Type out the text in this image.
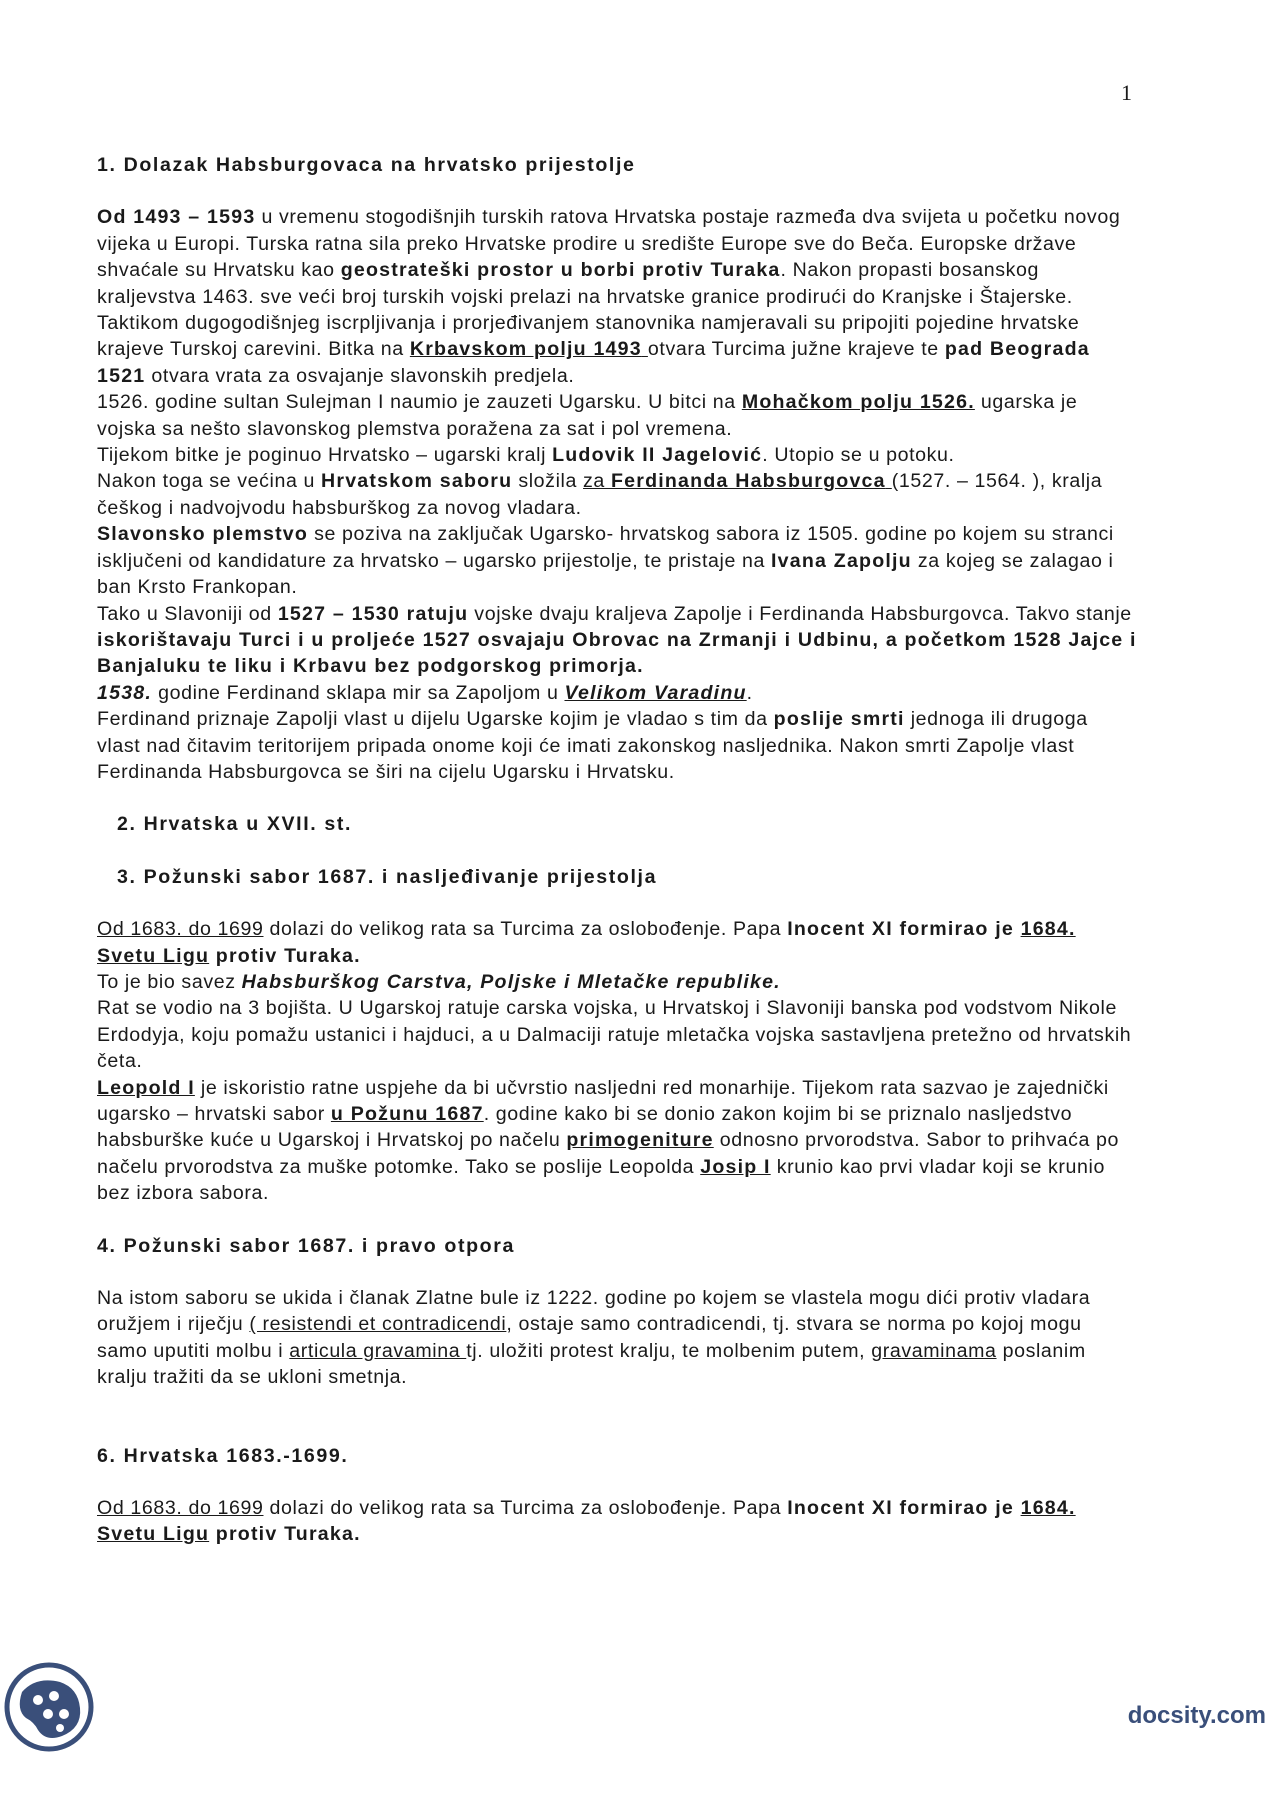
1

1. Dolazak Habsburgovaca na hrvatsko prijestolje

Od 1493 – 1593 u vremenu stogodišnjih turskih ratova Hrvatska postaje razmeđa dva svijeta u početku novog vijeka u Europi. Turska ratna sila preko Hrvatske prodire u središte Europe sve do Beča. Europske države shvaćale su Hrvatsku kao geostrateški prostor u borbi protiv Turaka. Nakon propasti bosanskog kraljevstva 1463. sve veći broj turskih vojski prelazi na hrvatske granice prodirući do Kranjske i Štajerske. Taktikom dugogodišnjeg iscrpljivanja i prorjeđivanjem stanovnika namjeravali su pripojiti pojedine hrvatske krajeve Turskoj carevini. Bitka na Krbavskom polju 1493 otvara Turcima južne krajeve te pad Beograda 1521 otvara vrata za osvajanje slavonskih predjela.

1526. godine sultan Sulejman I naumio je zauzeti Ugarsku. U bitci na Mohačkom polju 1526. ugarska je vojska sa nešto slavonskog plemstva poražena za sat i pol vremena.

Tijekom bitke je poginuo Hrvatsko – ugarski kralj Ludovik II Jagelović. Utopio se u potoku.

Nakon toga se većina u Hrvatskom saboru složila za Ferdinanda Habsburgovca (1527. – 1564. ), kralja češkog i nadvojvodu habsburškog za novog vladara.

Slavonsko plemstvo se poziva na zaključak Ugarsko- hrvatskog sabora iz 1505. godine po kojem su stranci isključeni od kandidature za hrvatsko – ugarsko prijestolje, te pristaje na Ivana Zapolju za kojeg se zalagao i ban Krsto Frankopan.

Tako u Slavoniji od 1527 – 1530 ratuju vojske dvaju kraljeva Zapolje i Ferdinanda Habsburgovca. Takvo stanje iskorištavaju Turci i u proljeće 1527 osvajaju Obrovac na Zrmanji i Udbinu, a početkom 1528 Jajce i Banjaluku te liku i Krbavu bez podgorskog primorja.

1538. godine Ferdinand sklapa mir sa Zapoljom u Velikom Varadinu.

Ferdinand priznaje Zapolji vlast u dijelu Ugarske kojim je vladao s tim da poslije smrti jednoga ili drugoga vlast nad čitavim teritorijem pripada onome koji će imati zakonskog nasljednika. Nakon smrti Zapolje vlast Ferdinanda Habsburgovca se širi na cijelu Ugarsku i Hrvatsku.

2. Hrvatska u XVII. st.

3. Požunski sabor 1687. i nasljeđivanje prijestolja

Od 1683. do 1699 dolazi do velikog rata sa Turcima za oslobođenje. Papa Inocent XI formirao je 1684. Svetu Ligu protiv Turaka.

To je bio savez Habsburškog Carstva, Poljske i Mletačke republike.

Rat se vodio na 3 bojišta. U Ugarskoj ratuje carska vojska, u Hrvatskoj i Slavoniji banska pod vodstvom Nikole Erdodyja, koju pomažu ustanici i hajduci, a u Dalmaciji ratuje mletačka vojska sastavljena pretežno od hrvatskih četa.

Leopold I je iskoristio ratne uspjehe da bi učvrstio nasljedni red monarhije. Tijekom rata sazvao je zajednički ugarsko – hrvatski sabor u Požunu 1687. godine kako bi se donio zakon kojim bi se priznalo nasljedstvo habsburške kuće u Ugarskoj i Hrvatskoj po načelu primogeniture odnosno prvorodstva. Sabor to prihvaća po načelu prvorodstva za muške potomke. Tako se poslije Leopolda Josip I krunio kao prvi vladar koji se krunio bez izbora sabora.

4. Požunski sabor 1687. i pravo otpora

Na istom saboru se ukida i članak Zlatne bule iz 1222. godine po kojem se vlastela mogu dići protiv vladara oružjem i riječju ( resistendi et contradicendi, ostaje samo contradicendi, tj. stvara se norma po kojoj mogu samo uputiti molbu i articula gravamina tj. uložiti protest kralju, te molbenim putem, gravaminama poslanim kralju tražiti da se ukloni smetnja.

6. Hrvatska 1683.-1699.

Od 1683. do 1699 dolazi do velikog rata sa Turcima za oslobođenje. Papa Inocent XI formirao je 1684. Svetu Ligu protiv Turaka.

docsity.com
